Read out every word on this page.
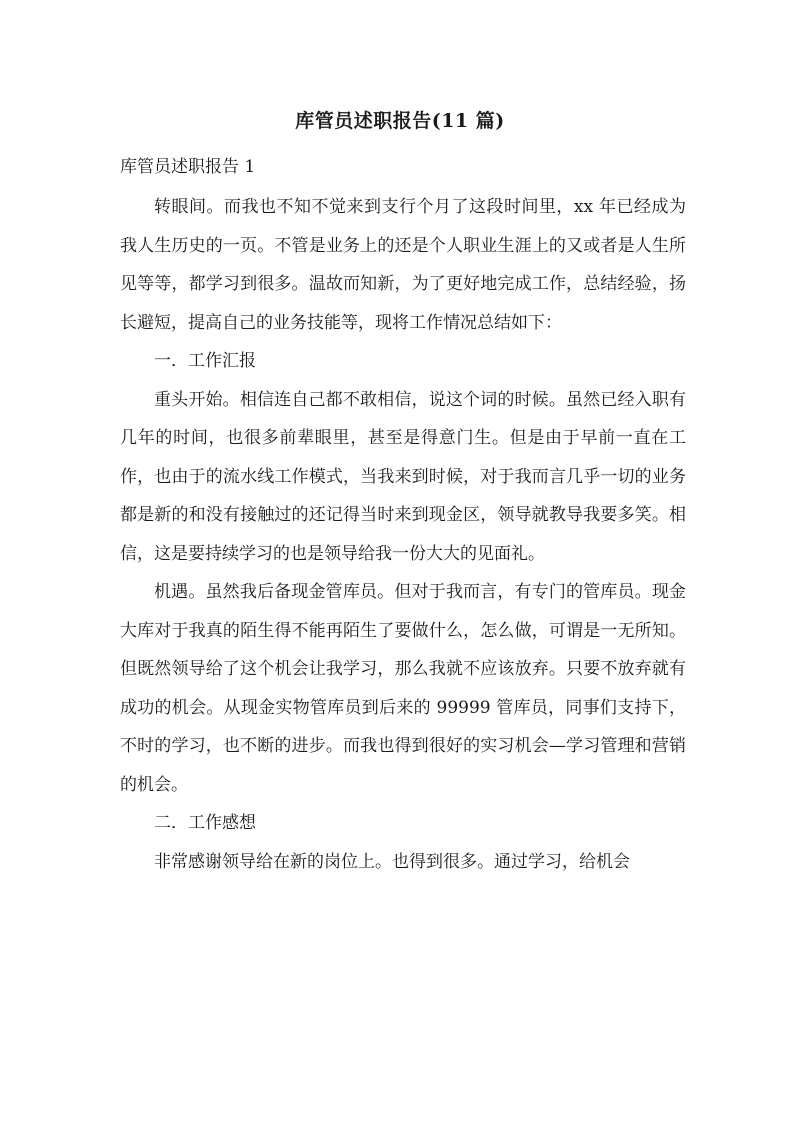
库管员述职报告(11 篇)
库管员述职报告 1

转眼间。而我也不知不觉来到支行个月了这段时间里，xx 年已经成为我人生历史的一页。不管是业务上的还是个人职业生涯上的又或者是人生所见等等，都学习到很多。温故而知新，为了更好地完成工作，总结经验，扬长避短，提高自己的业务技能等，现将工作情况总结如下：

一．工作汇报

重头开始。相信连自己都不敢相信，说这个词的时候。虽然已经入职有几年的时间，也很多前辈眼里，甚至是得意门生。但是由于早前一直在工作，也由于的流水线工作模式，当我来到时候，对于我而言几乎一切的业务都是新的和没有接触过的还记得当时来到现金区，领导就教导我要多笑。相信，这是要持续学习的也是领导给我一份大大的见面礼。

机遇。虽然我后备现金管库员。但对于我而言，有专门的管库员。现金大库对于我真的陌生得不能再陌生了要做什么，怎么做，可谓是一无所知。但既然领导给了这个机会让我学习，那么我就不应该放弃。只要不放弃就有成功的机会。从现金实物管库员到后来的 99999 管库员，同事们支持下，不时的学习，也不断的进步。而我也得到很好的实习机会—学习管理和营销的机会。

二．工作感想

非常感谢领导给在新的岗位上。也得到很多。通过学习，给机会
